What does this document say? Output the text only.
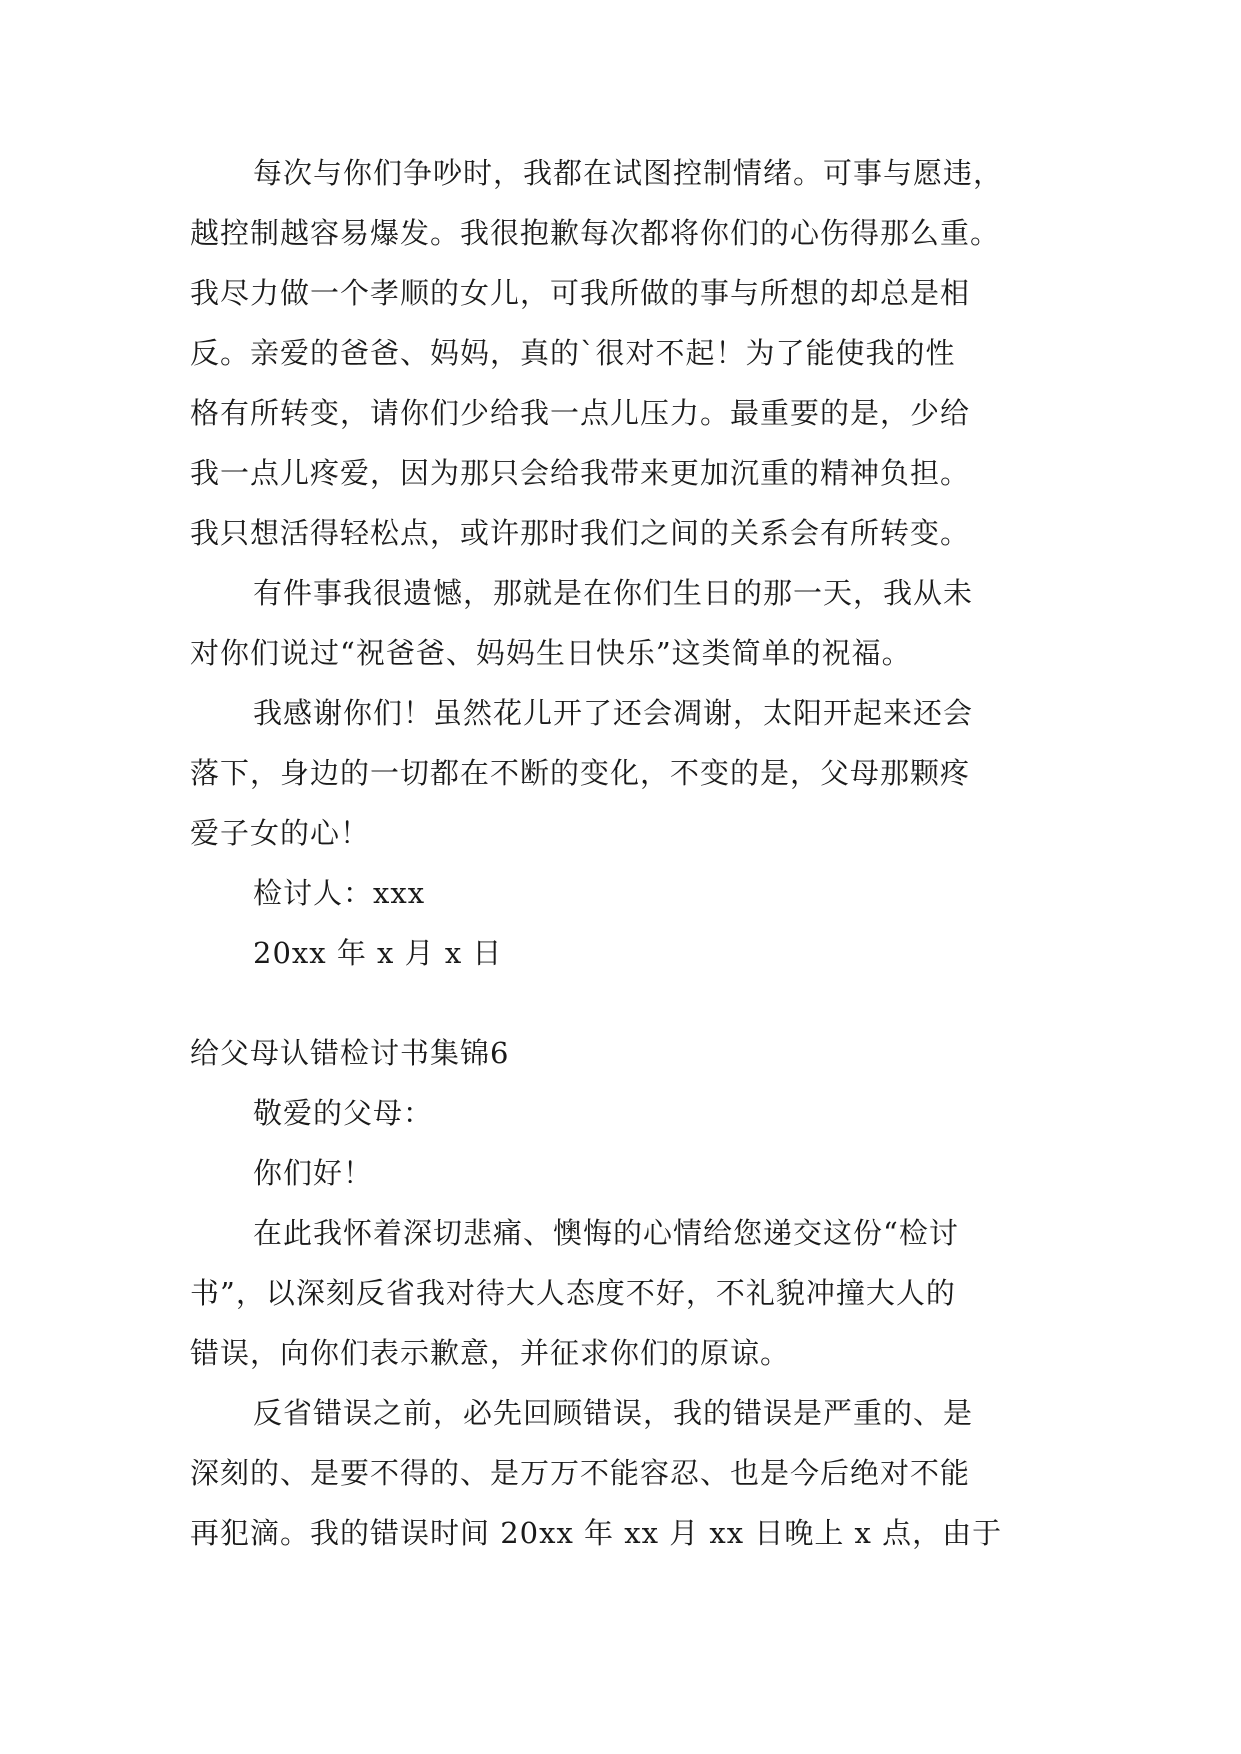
每次与你们争吵时，我都在试图控制情绪。可事与愿违，
越控制越容易爆发。我很抱歉每次都将你们的心伤得那么重。
我尽力做一个孝顺的女儿，可我所做的事与所想的却总是相
反。亲爱的爸爸、妈妈，真的`很对不起！为了能使我的性
格有所转变，请你们少给我一点儿压力。最重要的是，少给
我一点儿疼爱，因为那只会给我带来更加沉重的精神负担。
我只想活得轻松点，或许那时我们之间的关系会有所转变。
有件事我很遗憾，那就是在你们生日的那一天，我从未
对你们说过“祝爸爸、妈妈生日快乐”这类简单的祝福。
我感谢你们！虽然花儿开了还会凋谢，太阳开起来还会
落下，身边的一切都在不断的变化，不变的是，父母那颗疼
爱子女的心！
检讨人：xxx
20xx 年 x 月 x 日
给父母认错检讨书集锦6
敬爱的父母：
你们好！
在此我怀着深切悲痛、懊悔的心情给您递交这份“检讨
书”，以深刻反省我对待大人态度不好，不礼貌冲撞大人的
错误，向你们表示歉意，并征求你们的原谅。
反省错误之前，必先回顾错误，我的错误是严重的、是
深刻的、是要不得的、是万万不能容忍、也是今后绝对不能
再犯滴。我的错误时间 20xx 年 xx 月 xx 日晚上 x 点，由于
